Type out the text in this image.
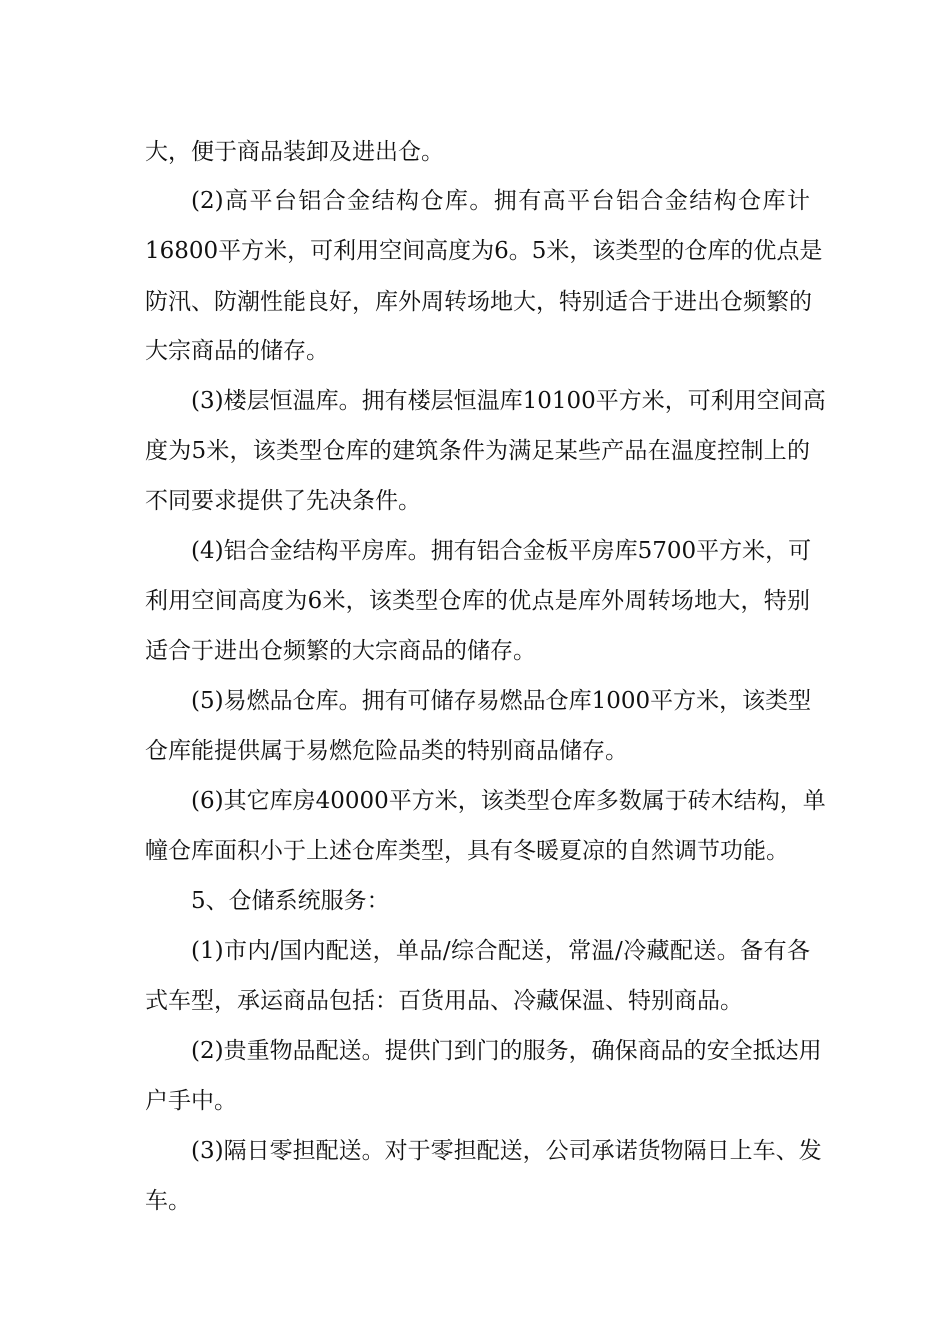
大，便于商品装卸及进出仓。
(2)高平台铝合金结构仓库。拥有高平台铝合金结构仓库计
16800平方米，可利用空间高度为6。5米，该类型的仓库的优点是
防汛、防潮性能良好，库外周转场地大，特别适合于进出仓频繁的
大宗商品的储存。
(3)楼层恒温库。拥有楼层恒温库10100平方米，可利用空间高
度为5米，该类型仓库的建筑条件为满足某些产品在温度控制上的
不同要求提供了先决条件。
(4)铝合金结构平房库。拥有铝合金板平房库5700平方米，可
利用空间高度为6米，该类型仓库的优点是库外周转场地大，特别
适合于进出仓频繁的大宗商品的储存。
(5)易燃品仓库。拥有可储存易燃品仓库1000平方米，该类型
仓库能提供属于易燃危险品类的特别商品储存。
(6)其它库房40000平方米，该类型仓库多数属于砖木结构，单
幢仓库面积小于上述仓库类型，具有冬暖夏凉的自然调节功能。
5、仓储系统服务：
(1)市内/国内配送，单品/综合配送，常温/冷藏配送。备有各
式车型，承运商品包括：百货用品、冷藏保温、特别商品。
(2)贵重物品配送。提供门到门的服务，确保商品的安全抵达用
户手中。
(3)隔日零担配送。对于零担配送，公司承诺货物隔日上车、发
车。
